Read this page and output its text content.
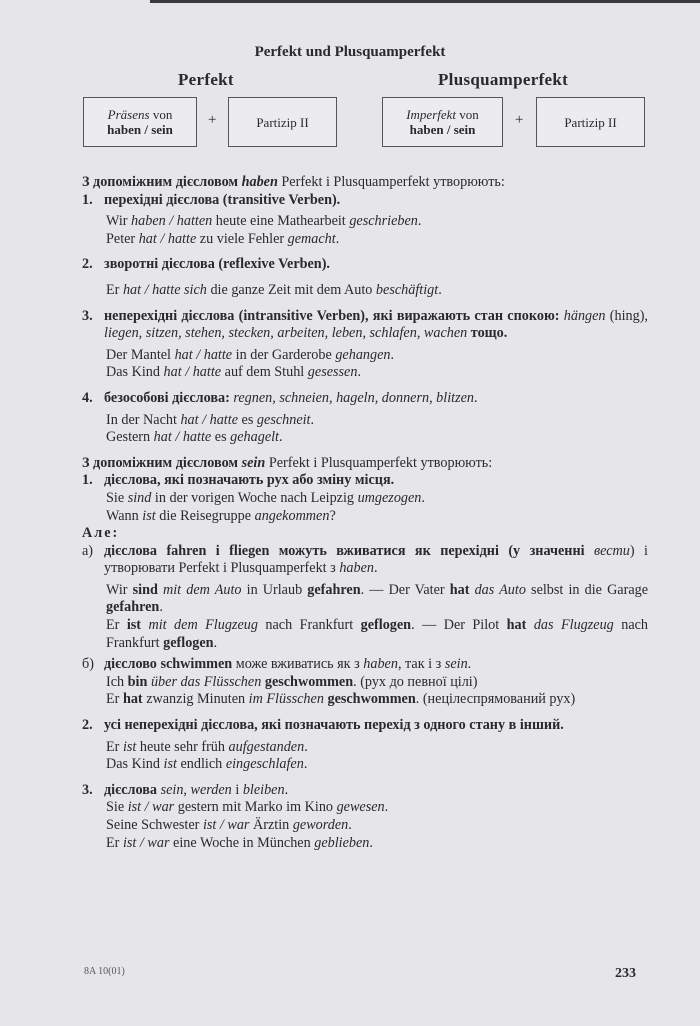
Perfekt und Plusquamperfekt
Perfekt	Plusquamperfekt
Präsens von
haben / sein
+	Partizip II	Imperfekt von
haben / sein
+	Partizip II

З допоміжним дієсловом haben Perfekt і Plusquamperfekt утворюють:

1. перехідні дієслова (transitive Verben).

Wir haben / hatten heute eine Mathearbeit geschrieben.

Peter hat / hatte zu viele Fehler gemacht.

2. зворотні дієслова (reflexive Verben).

Er hat / hatte sich die ganze Zeit mit dem Auto beschäftigt.

3. неперехідні дієслова (intransitive Verben), які виражають стан спокою: hängen (hing), liegen, sitzen, stehen, stecken, arbeiten, leben, schlafen, wachen тощо.

Der Mantel hat / hatte in der Garderobe gehangen.

Das Kind hat / hatte auf dem Stuhl gesessen.

4. безособові дієслова: regnen, schneien, hageln, donnern, blitzen.

In der Nacht hat / hatte es geschneit.

Gestern hat / hatte es gehagelt.

З допоміжним дієсловом sein Perfekt і Plusquamperfekt утворюють:

1. дієслова, які позначають рух або зміну місця.

Sie sind in der vorigen Woche nach Leipzig umgezogen.

Wann ist die Reisegruppe angekommen?

Але:

а) дієслова fahren і fliegen можуть вживатися як перехідні (у значенні вести) і утворювати Perfekt і Plusquamperfekt з haben.

Wir sind mit dem Auto in Urlaub gefahren. — Der Vater hat das Auto selbst in die Garage gefahren.

Er ist mit dem Flugzeug nach Frankfurt geflogen. — Der Pilot hat das Flugzeug nach Frankfurt geflogen.

б) дієслово schwimmen може вживатись як з haben, так і з sein.

Ich bin über das Flüsschen geschwommen. (рух до певної цілі)

Er hat zwanzig Minuten im Flüsschen geschwommen. (нецілеспрямований рух)

2. усі неперехідні дієслова, які позначають перехід з одного стану в інший.

Er ist heute sehr früh aufgestanden.

Das Kind ist endlich eingeschlafen.

3. дієслова sein, werden і bleiben.

Sie ist / war gestern mit Marko im Kino gewesen.

Seine Schwester ist / war Ärztin geworden.

Er ist / war eine Woche in München geblieben.

8A 10(01)	233
